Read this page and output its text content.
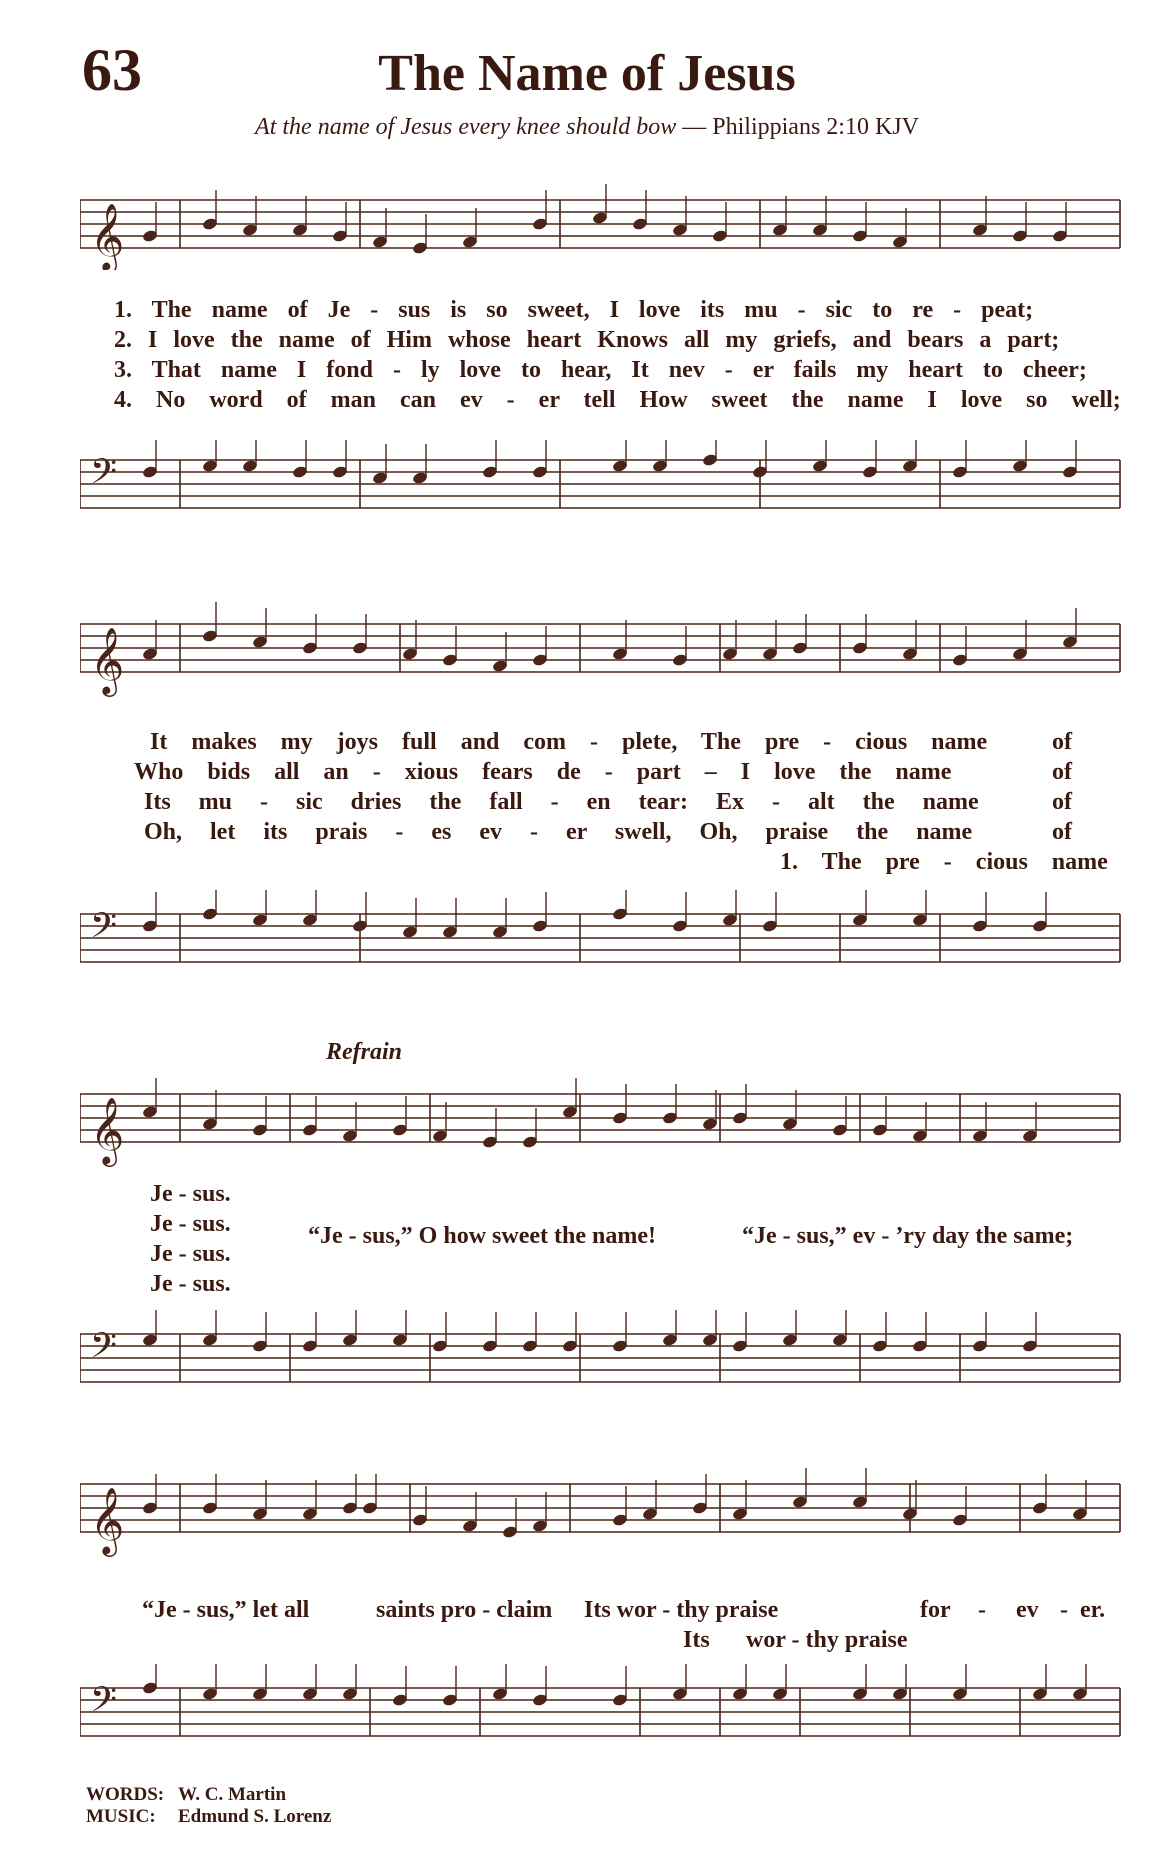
63	The Name of Jesus
At the name of Jesus every knee should bow — Philippians 2:10 KJV
𝄞
1. The name of Je - sus is so sweet, I love its mu - sic to re - peat;
2. I love the name of Him whose heart Knows all my griefs, and bears a part;
3. That name I fond - ly love to hear, It nev - er fails my heart to cheer;
4. No word of man can ev - er tell How sweet the name I love so well;
𝄢
𝄞
It makes my joys full and com - plete, The pre - cious name	of
Who bids all an - xious fears de - part – I love the name	of
Its mu - sic dries the fall - en tear: Ex - alt the name	of
Oh, let its prais - es ev - er swell, Oh, praise the name	of
1. The pre - cious name
𝄢
Refrain
𝄞
Je - sus.
Je - sus.
Je - sus.
Je - sus.
“Je - sus,” O how sweet the name!	“Je - sus,” ev - ’ry day the same;
𝄢
𝄞
“Je - sus,” let all	saints pro - claim Its wor - thy praise	for - ev - er.
Its wor - thy praise
𝄢
WORDS: W. C. Martin
MUSIC: Edmund S. Lorenz
